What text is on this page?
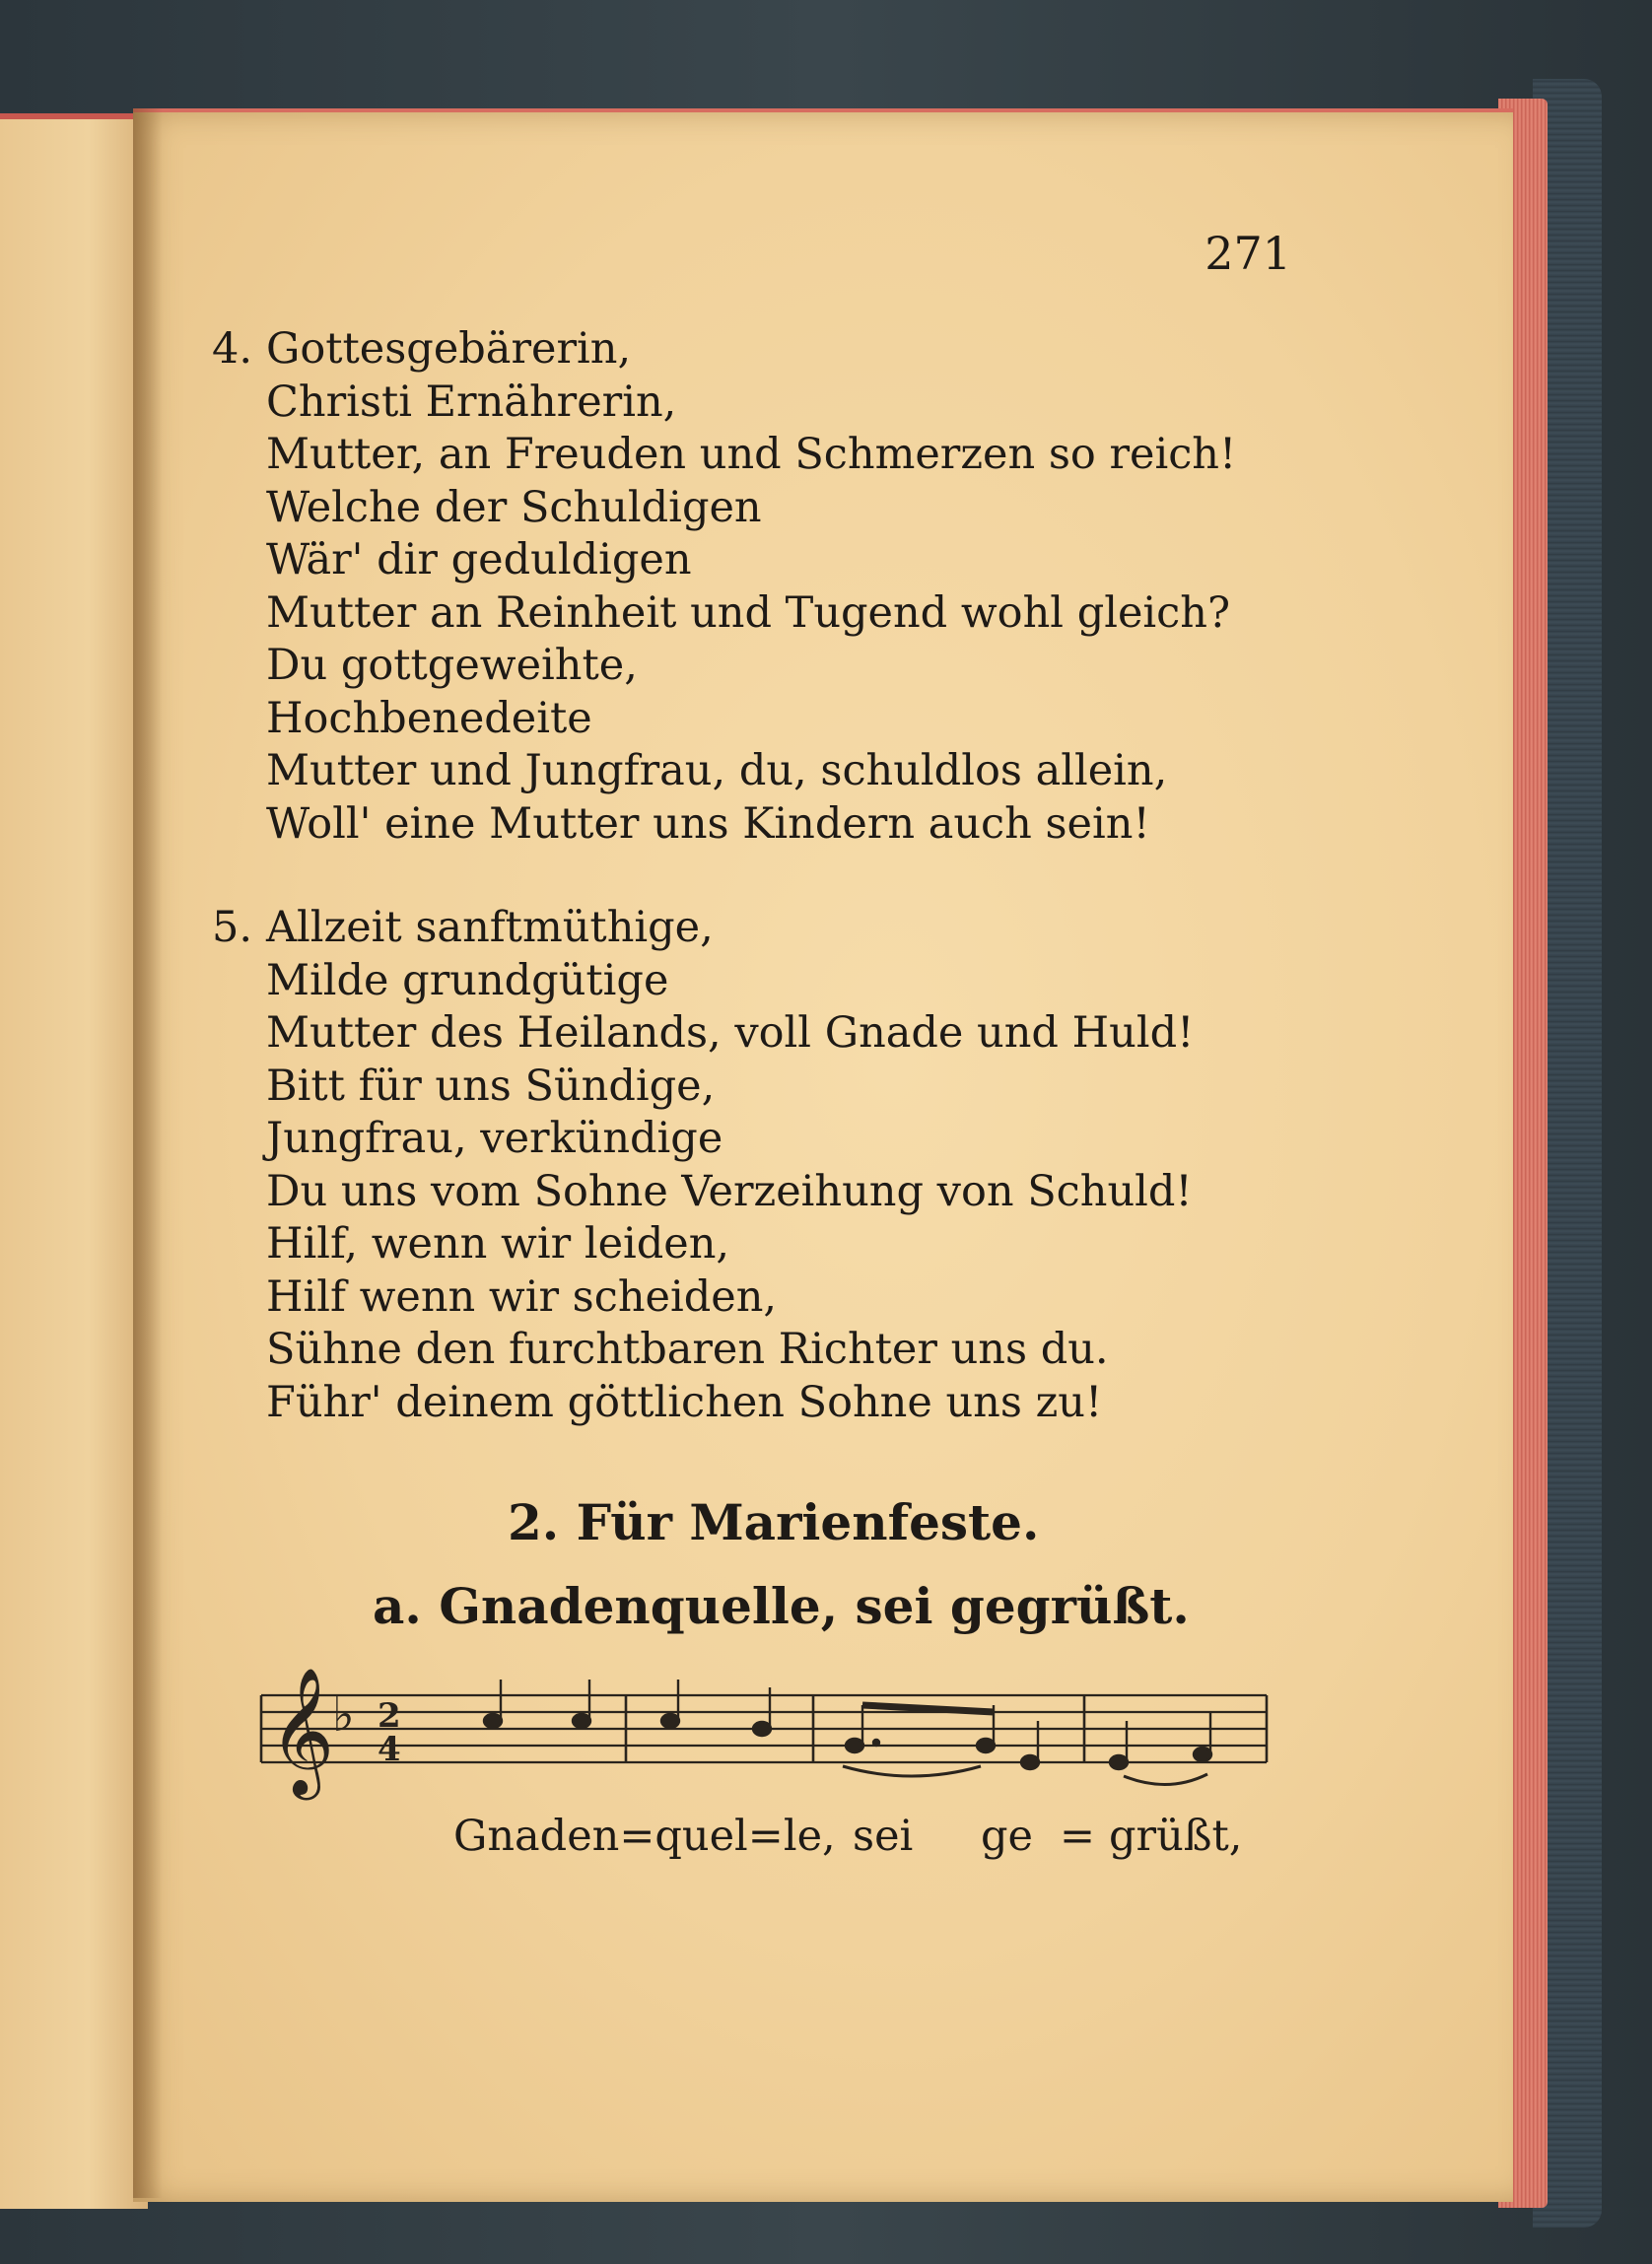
271
4. Gottesgebärerin,
Christi Ernährerin,
Mutter, an Freuden und Schmerzen so reich!
Welche der Schuldigen
Wär' dir geduldigen
Mutter an Reinheit und Tugend wohl gleich?
Du gottgeweihte,
Hochbenedeite
Mutter und Jungfrau, du, schuldlos allein,
Woll' eine Mutter uns Kindern auch sein!
5. Allzeit sanftmüthige,
Milde grundgütige
Mutter des Heilands, voll Gnade und Huld!
Bitt für uns Sündige,
Jungfrau, verkündige
Du uns vom Sohne Verzeihung von Schuld!
Hilf, wenn wir leiden,
Hilf wenn wir scheiden,
Sühne den furchtbaren Richter uns du.
Führ' deinem göttlichen Sohne uns zu!
2. Für Marienfeste.
a. Gnadenquelle, sei gegrüßt.
𝄞
♭ 2
4
Gnaden=quel=le, sei ge = grüßt,
